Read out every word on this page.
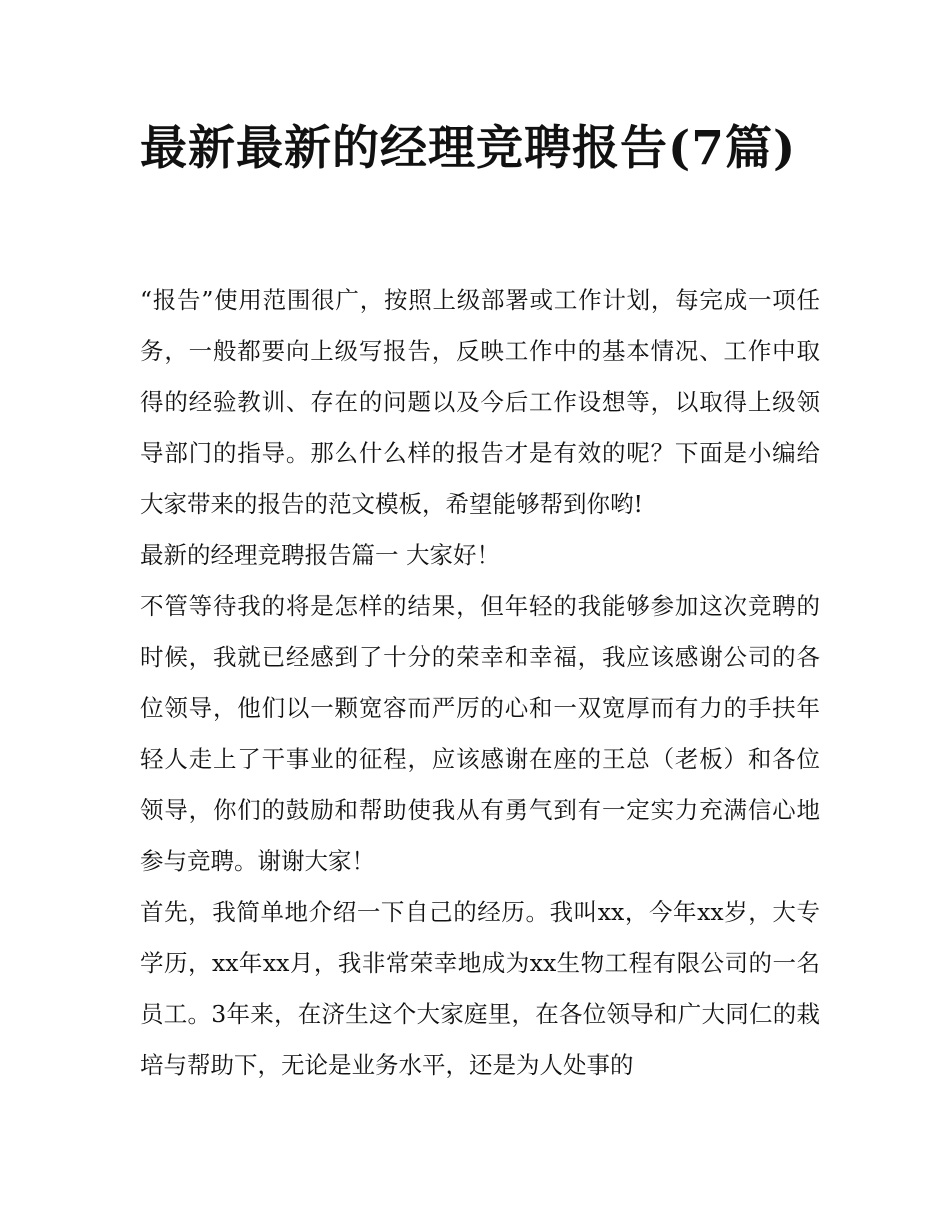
最新最新的经理竞聘报告(7篇)

“报告”使用范围很广，按照上级部署或工作计划，每完成一项任务，一般都要向上级写报告，反映工作中的基本情况、工作中取得的经验教训、存在的问题以及今后工作设想等，以取得上级领导部门的指导。那么什么样的报告才是有效的呢？下面是小编给大家带来的报告的范文模板，希望能够帮到你哟!

最新的经理竞聘报告篇一 大家好！

不管等待我的将是怎样的结果，但年轻的我能够参加这次竞聘的时候，我就已经感到了十分的荣幸和幸福，我应该感谢公司的各位领导，他们以一颗宽容而严厉的心和一双宽厚而有力的手扶年轻人走上了干事业的征程，应该感谢在座的王总（老板）和各位领导，你们的鼓励和帮助使我从有勇气到有一定实力充满信心地参与竞聘。谢谢大家！

首先，我简单地介绍一下自己的经历。我叫xx，今年xx岁，大专学历，xx年xx月，我非常荣幸地成为xx生物工程有限公司的一名员工。3年来，在济生这个大家庭里，在各位领导和广大同仁的栽培与帮助下，无论是业务水平，还是为人处事的
